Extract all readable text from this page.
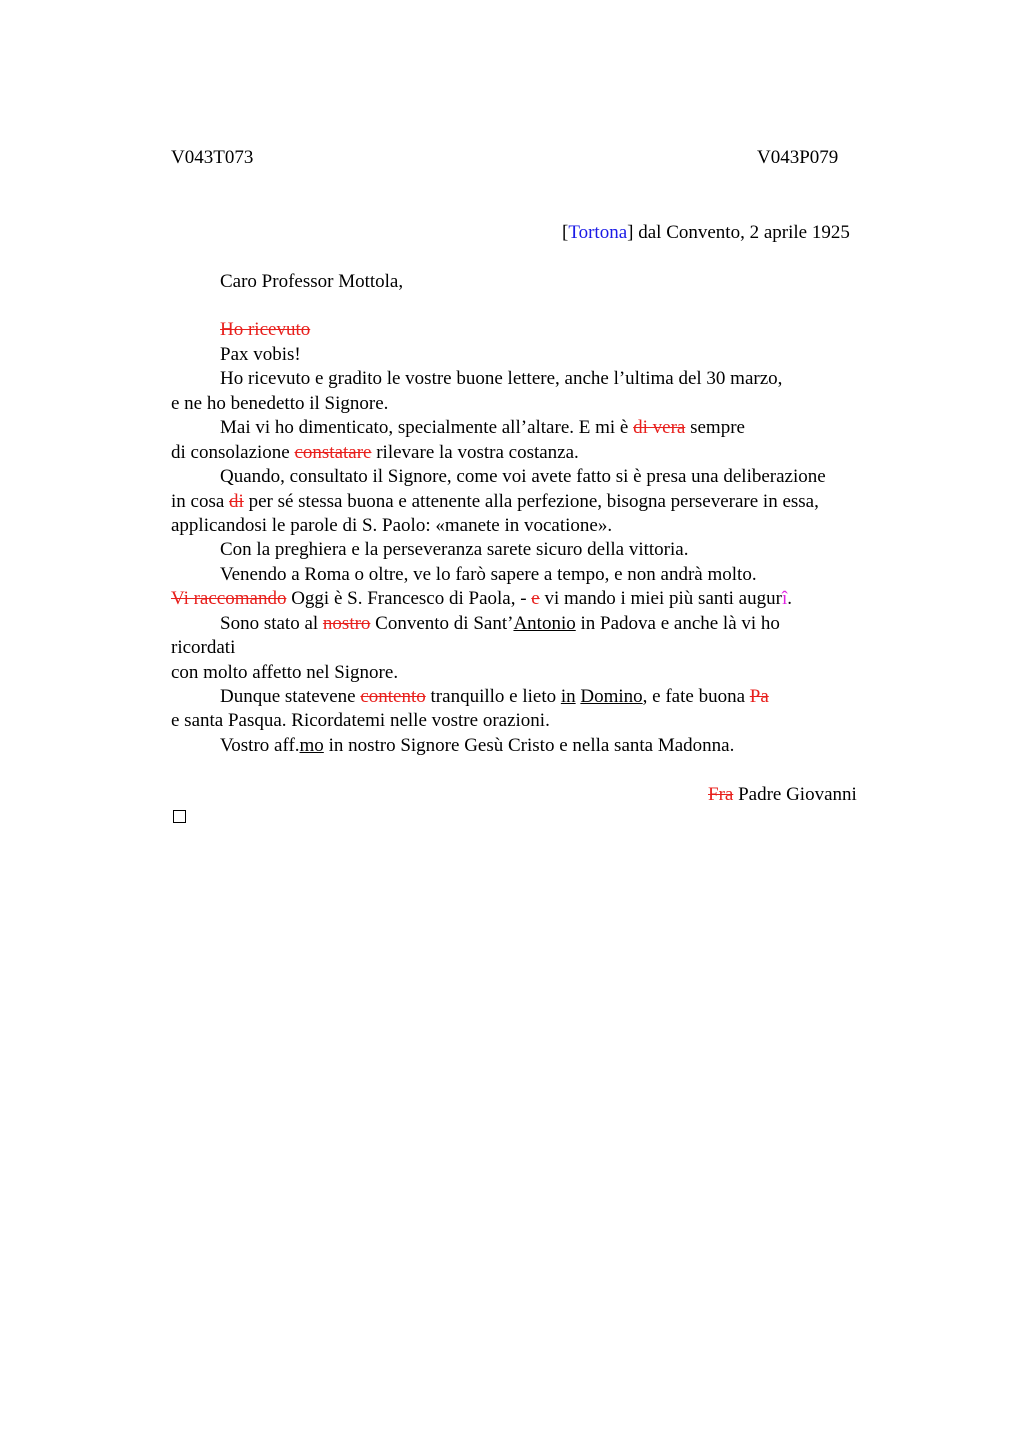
V043T073	V043P079
[Tortona] dal Convento, 2 aprile 1925
Caro Professor Mottola,
Ho ricevuto
Pax vobis!
Ho ricevuto e gradito le vostre buone lettere, anche l’ultima del 30 marzo,
e ne ho benedetto il Signore.
Mai vi ho dimenticato, specialmente all’altare. E mi è di vera sempre
di consolazione constatare rilevare la vostra costanza.
Quando, consultato il Signore, come voi avete fatto si è presa una deliberazione
in cosa di per sé stessa buona e attenente alla perfezione, bisogna perseverare in essa,
applicandosi le parole di S. Paolo: «manete in vocatione».
Con la preghiera e la perseveranza sarete sicuro della vittoria.
Venendo a Roma o oltre, ve lo farò sapere a tempo, e non andrà molto.
Vi raccomando Oggi è S. Francesco di Paola, - e vi mando i miei più santi augurî.
Sono stato al nostro Convento di Sant’Antonio in Padova e anche là vi ho
ricordati
con molto affetto nel Signore.
Dunque statevene contento tranquillo e lieto in Domino, e fate buona Pa
e santa Pasqua. Ricordatemi nelle vostre orazioni.
Vostro aff.mo in nostro Signore Gesù Cristo e nella santa Madonna.
Fra Padre Giovanni
